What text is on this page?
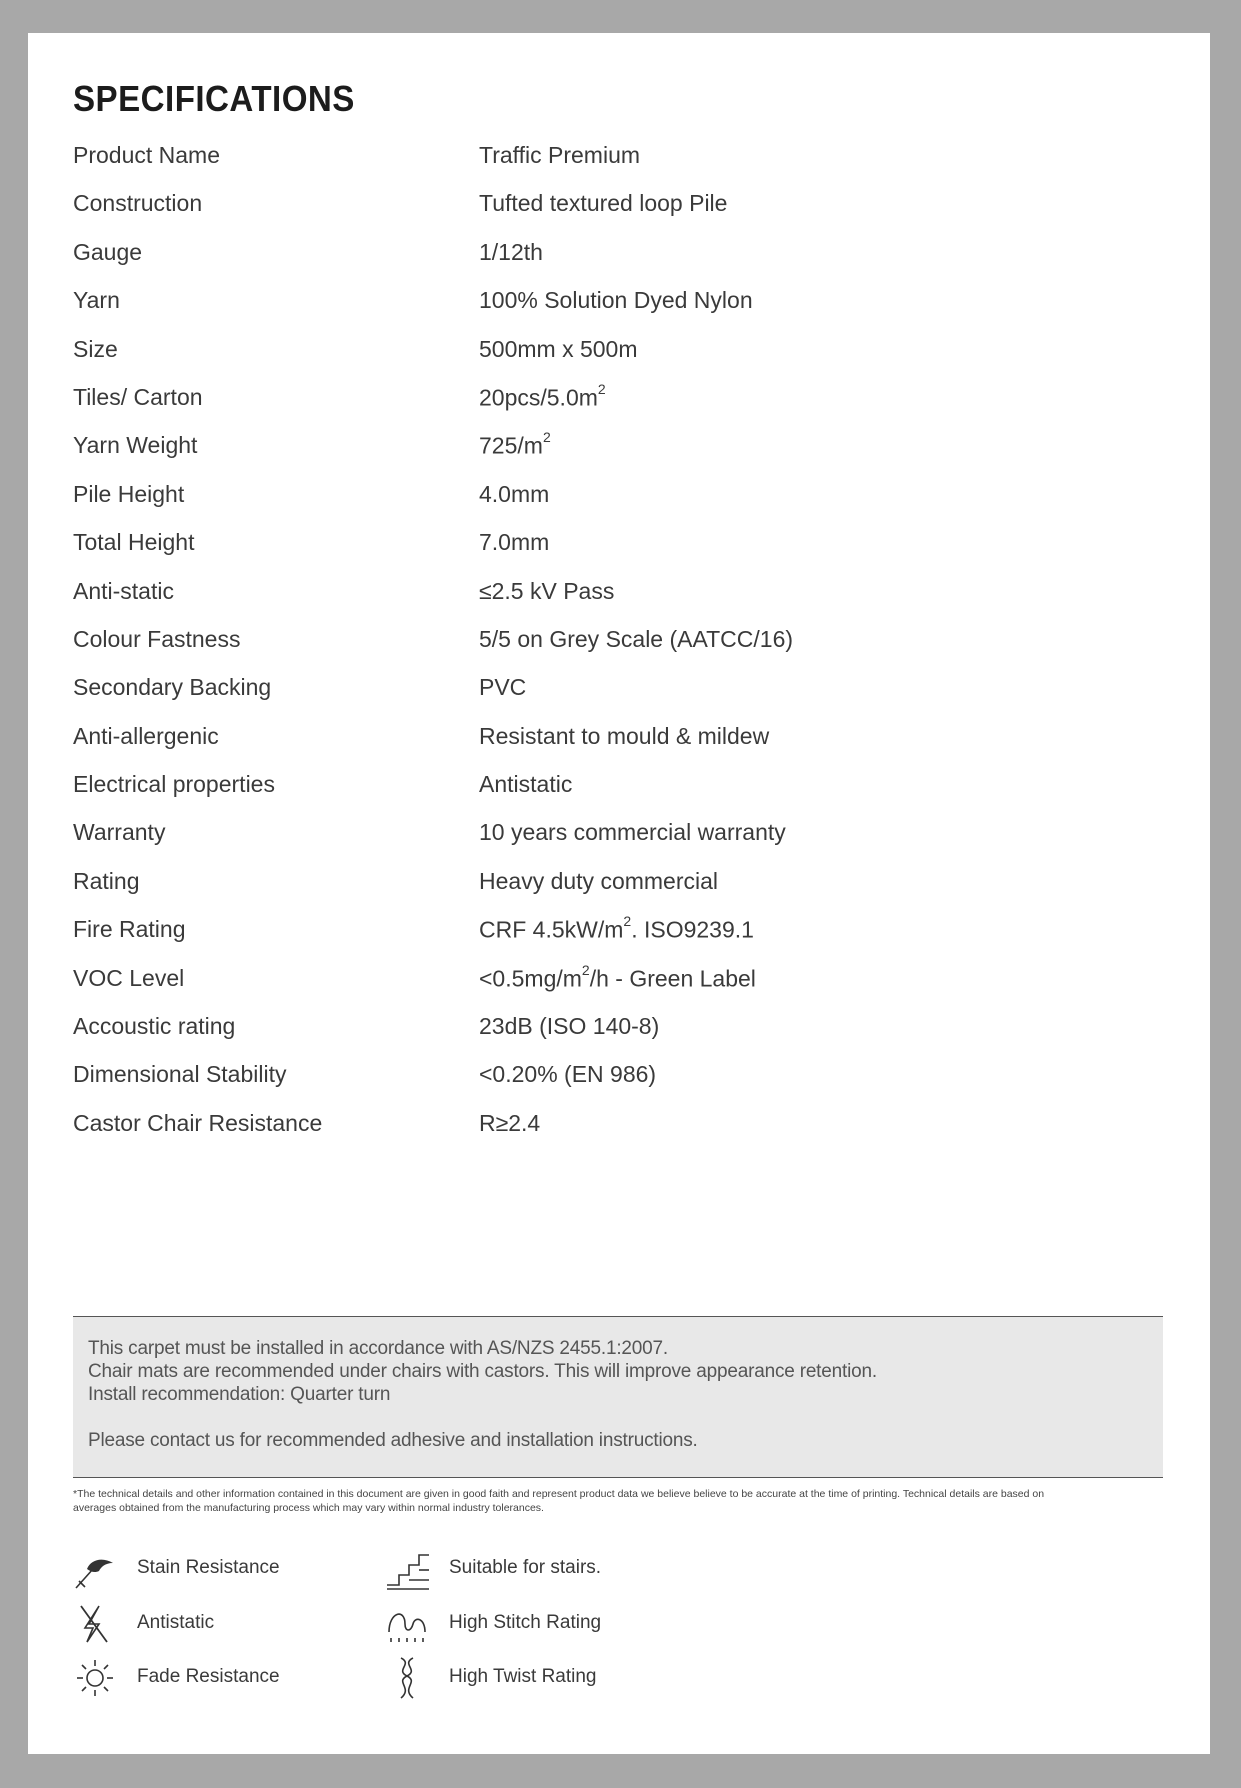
SPECIFICATIONS
Product Name	Traffic Premium
Construction	Tufted textured loop Pile
Gauge	1/12th
Yarn	100% Solution Dyed Nylon
Size	500mm x 500m
Tiles/ Carton	$20pcs/5.0m^2$
Yarn Weight	$725/m^2$
Pile Height	4.0mm
Total Height	7.0mm
Anti-static	≤2.5 kV Pass
Colour Fastness	5/5 on Grey Scale (AATCC/16)
Secondary Backing	PVC
Anti-allergenic	Resistant to mould & mildew
Electrical properties	Antistatic
Warranty	10 years commercial warranty
Rating	Heavy duty commercial
Fire Rating	CRF $4.5kW/m^2$. ISO9239.1
VOC Level	$<0.5mg/m^2/h$ - Green Label
Accoustic rating	23dB (ISO 140-8)
Dimensional Stability	<0.20% (EN 986)
Castor Chair Resistance	R≥2.4
This carpet must be installed in accordance with AS/NZS 2455.1:2007.
Chair mats are recommended under chairs with castors. This will improve appearance retention.
Install recommendation: Quarter turn
Please contact us for recommended adhesive and installation instructions.

*The technical details and other information contained in this document are given in good faith and represent product data we believe believe to be accurate at the time of printing. Technical details are based on averages obtained from the manufacturing process which may vary within normal industry tolerances.

Stain Resistance
Antistatic
Fade Resistance
Suitable for stairs.
High Stitch Rating
High Twist Rating
